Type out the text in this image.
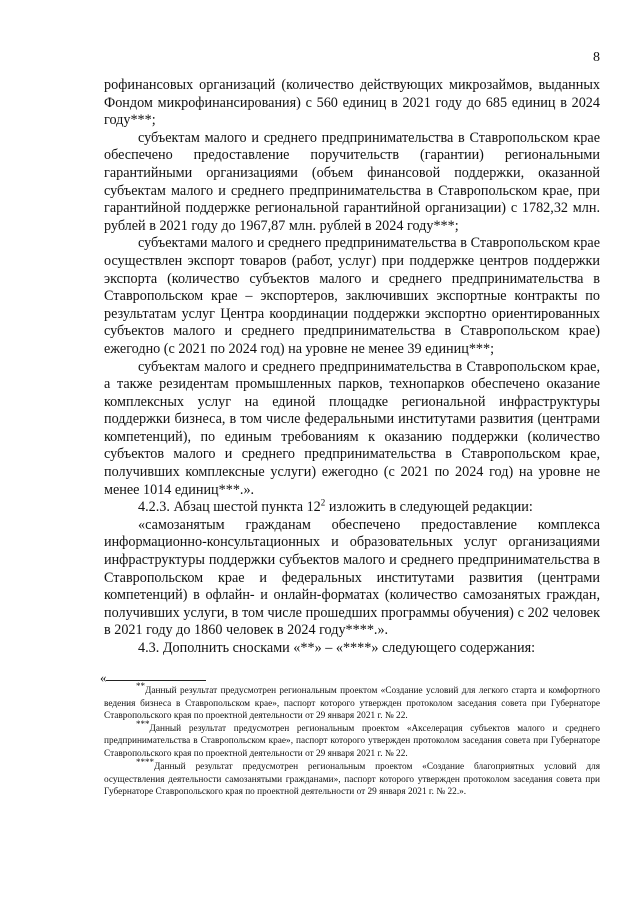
8

рофинансовых организаций (количество действующих микрозаймов, выданных Фондом микрофинансирования) с 560 единиц в 2021 году до 685 единиц в 2024 году***;

субъектам малого и среднего предпринимательства в Ставропольском крае обеспечено предоставление поручительств (гарантии) региональными гарантийными организациями (объем финансовой поддержки, оказанной субъектам малого и среднего предпринимательства в Ставропольском крае, при гарантийной поддержке региональной гарантийной организации) с 1782,32 млн. рублей в 2021 году до 1967,87 млн. рублей в 2024 году***;

субъектами малого и среднего предпринимательства в Ставропольском крае осуществлен экспорт товаров (работ, услуг) при поддержке центров поддержки экспорта (количество субъектов малого и среднего предпринимательства в Ставропольском крае – экспортеров, заключивших экспортные контракты по результатам услуг Центра координации поддержки экспортно ориентированных субъектов малого и среднего предпринимательства в Ставропольском крае) ежегодно (с 2021 по 2024 год) на уровне не менее 39 единиц***;

субъектам малого и среднего предпринимательства в Ставропольском крае, а также резидентам промышленных парков, технопарков обеспечено оказание комплексных услуг на единой площадке региональной инфраструктуры поддержки бизнеса, в том числе федеральными институтами развития (центрами компетенций), по единым требованиям к оказанию поддержки (количество субъектов малого и среднего предпринимательства в Ставропольском крае, получивших комплексные услуги) ежегодно (с 2021 по 2024 год) на уровне не менее 1014 единиц***.».

4.2.3. Абзац шестой пункта $12^2$ изложить в следующей редакции:

«самозанятым гражданам обеспечено предоставление комплекса информационно-консультационных и образовательных услуг организациями инфраструктуры поддержки субъектов малого и среднего предпринимательства в Ставропольском крае и федеральных институтами развития (центрами компетенций) в офлайн- и онлайн-форматах (количество самозанятых граждан, получивших услуги, в том числе прошедших программы обучения) с 202 человек в 2021 году до 1860 человек в 2024 году****.».

4.3. Дополнить сносками «**» – «****» следующего содержания:

«

**Данный результат предусмотрен региональным проектом «Создание условий для легкого старта и комфортного ведения бизнеса в Ставропольском крае», паспорт которого утвержден протоколом заседания совета при Губернаторе Ставропольского края по проектной деятельности от 29 января 2021 г. № 22.

***Данный результат предусмотрен региональным проектом «Акселерация субъектов малого и среднего предпринимательства в Ставропольском крае», паспорт которого утвержден протоколом заседания совета при Губернаторе Ставропольского края по проектной деятельности от 29 января 2021 г. № 22.

****Данный результат предусмотрен региональным проектом «Создание благоприятных условий для осуществления деятельности самозанятыми гражданами», паспорт которого утвержден протоколом заседания совета при Губернаторе Ставропольского края по проектной деятельности от 29 января 2021 г. № 22.».
